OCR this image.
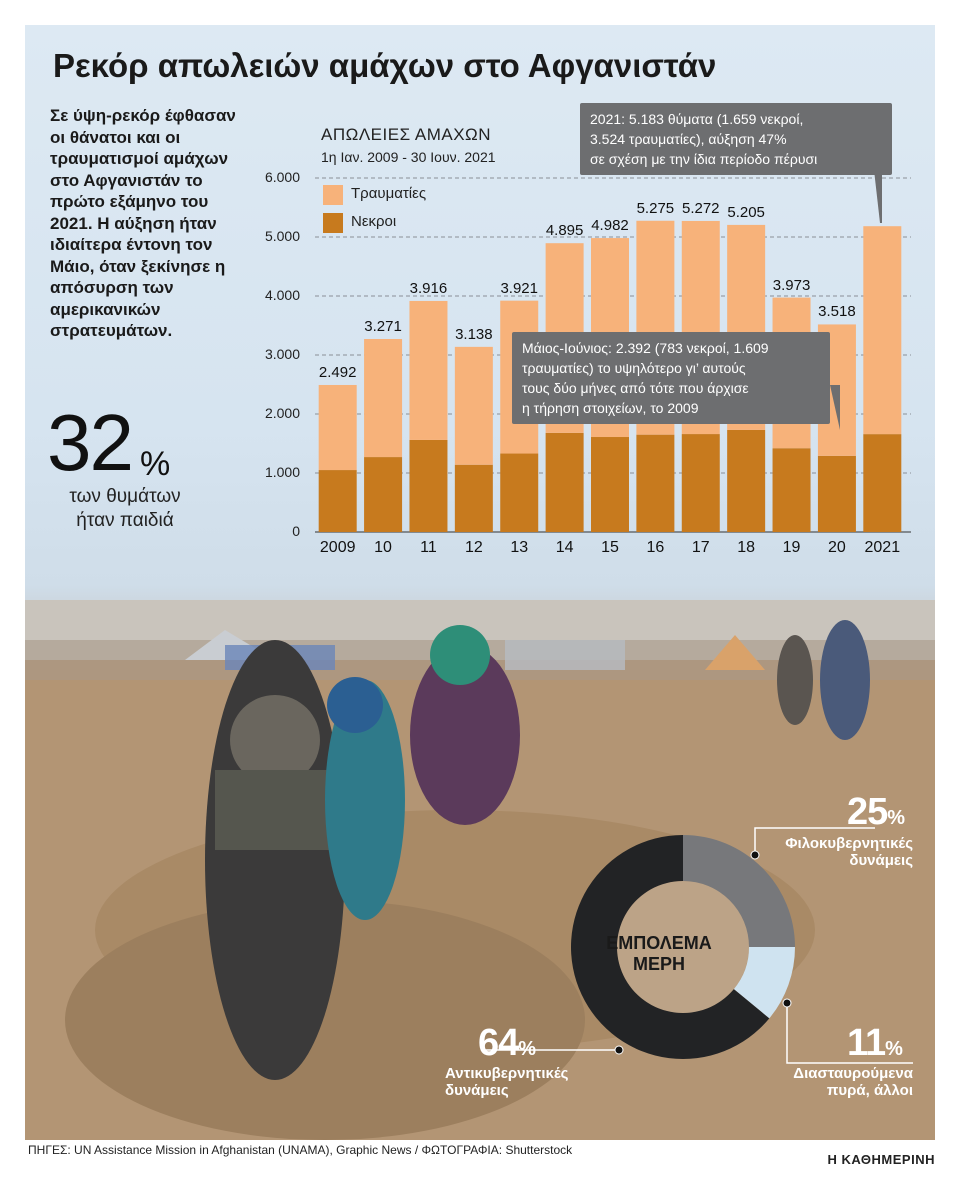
Ρεκόρ απωλειών αμάχων στο Αφγανιστάν

Σε ύψη-ρεκόρ έφθασαν οι θάνατοι και οι τραυματισμοί αμάχων στο Αφγανιστάν το πρώτο εξάμηνο του 2021. Η αύξηση ήταν ιδιαίτερα έντονη τον Μάιο, όταν ξεκίνησε η απόσυρση των αμερικανικών στρατευμάτων.

32 %
των θυμάτων ήταν παιδιά
ΑΠΩΛΕΙΕΣ ΑΜΑΧΩΝ
1η Ιαν. 2009 - 30 Ιουν. 2021
0
1.000
2.000
3.000
4.000
5.000
6.000
2009
2.492
10
3.271
11
3.916
12
3.138
13
3.921
14
4.895
15
4.982
16
5.275
17
5.272
18
5.205
19
3.973
20
3.518
2021
Τραυματίες
Νεκροι
2021: 5.183 θύματα (1.659 νεκροί,
3.524 τραυματίες), αύξηση 47%
σε σχέση με την ίδια περίοδο πέρυσι
Μάιος-Ιούνιος: 2.392 (783 νεκροί, 1.609
τραυματίες) το υψηλότερο γι’ αυτούς
τους δύο μήνες από τότε που άρχισε
η τήρηση στοιχείων, το 2009
ΕΜΠΟΛΕΜΑ
ΜΕΡΗ
25%
Φιλοκυβερνητικές
δυνάμεις
11%
Διασταυρούμενα
πυρά, άλλοι
64%
Αντικυβερνητικές
δυνάμεις
ΠΗΓΕΣ: UN Assistance Mission in Afghanistan (UNAMA), Graphic News / ΦΩΤΟΓΡΑΦΙΑ: Shutterstock
Η ΚΑΘΗΜΕΡΙΝΗ
